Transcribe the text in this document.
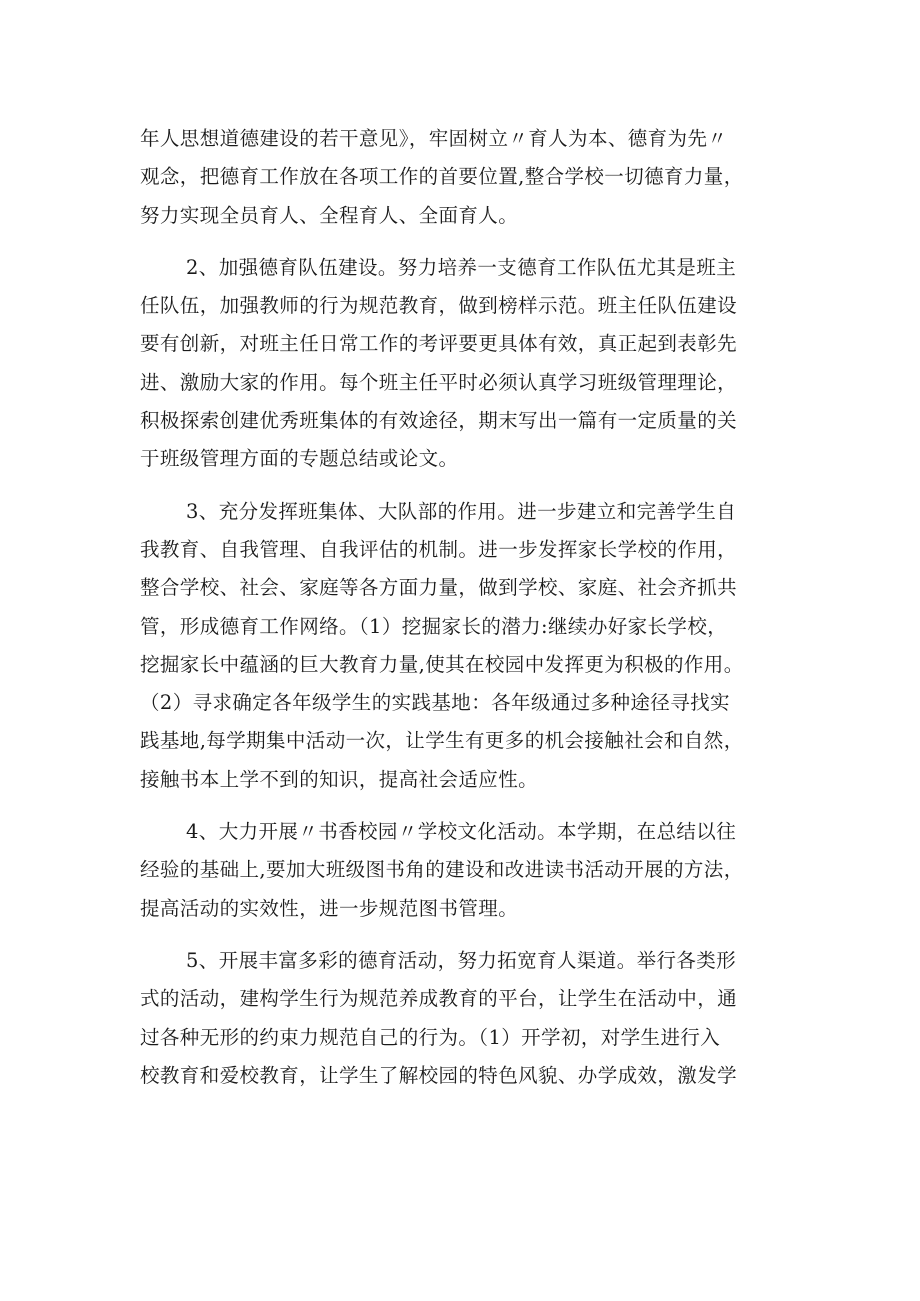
年人思想道德建设的若干意见》，牢固树立〃育人为本、德育为先〃
观念，把德育工作放在各项工作的首要位置,整合学校一切德育力量，
努力实现全员育人、全程育人、全面育人。

2、加强德育队伍建设。努力培养一支德育工作队伍尤其是班主
任队伍，加强教师的行为规范教育，做到榜样示范。班主任队伍建设
要有创新，对班主任日常工作的考评要更具体有效，真正起到表彰先
进、激励大家的作用。每个班主任平时必须认真学习班级管理理论，
积极探索创建优秀班集体的有效途径，期末写出一篇有一定质量的关
于班级管理方面的专题总结或论文。

3、充分发挥班集体、大队部的作用。进一步建立和完善学生自
我教育、自我管理、自我评估的机制。进一步发挥家长学校的作用，
整合学校、社会、家庭等各方面力量，做到学校、家庭、社会齐抓共
管，形成德育工作网络。（1）挖掘家长的潜力:继续办好家长学校，
挖掘家长中蕴涵的巨大教育力量,使其在校园中发挥更为积极的作用。
（2）寻求确定各年级学生的实践基地：各年级通过多种途径寻找实
践基地,每学期集中活动一次，让学生有更多的机会接触社会和自然，
接触书本上学不到的知识，提高社会适应性。

4、大力开展〃书香校园〃学校文化活动。本学期，在总结以往
经验的基础上,要加大班级图书角的建设和改进读书活动开展的方法，
提高活动的实效性，进一步规范图书管理。

5、开展丰富多彩的德育活动，努力拓宽育人渠道。举行各类形
式的活动，建构学生行为规范养成教育的平台，让学生在活动中，通
过各种无形的约束力规范自己的行为。（1）开学初，对学生进行入
校教育和爱校教育，让学生了解校园的特色风貌、办学成效，激发学
